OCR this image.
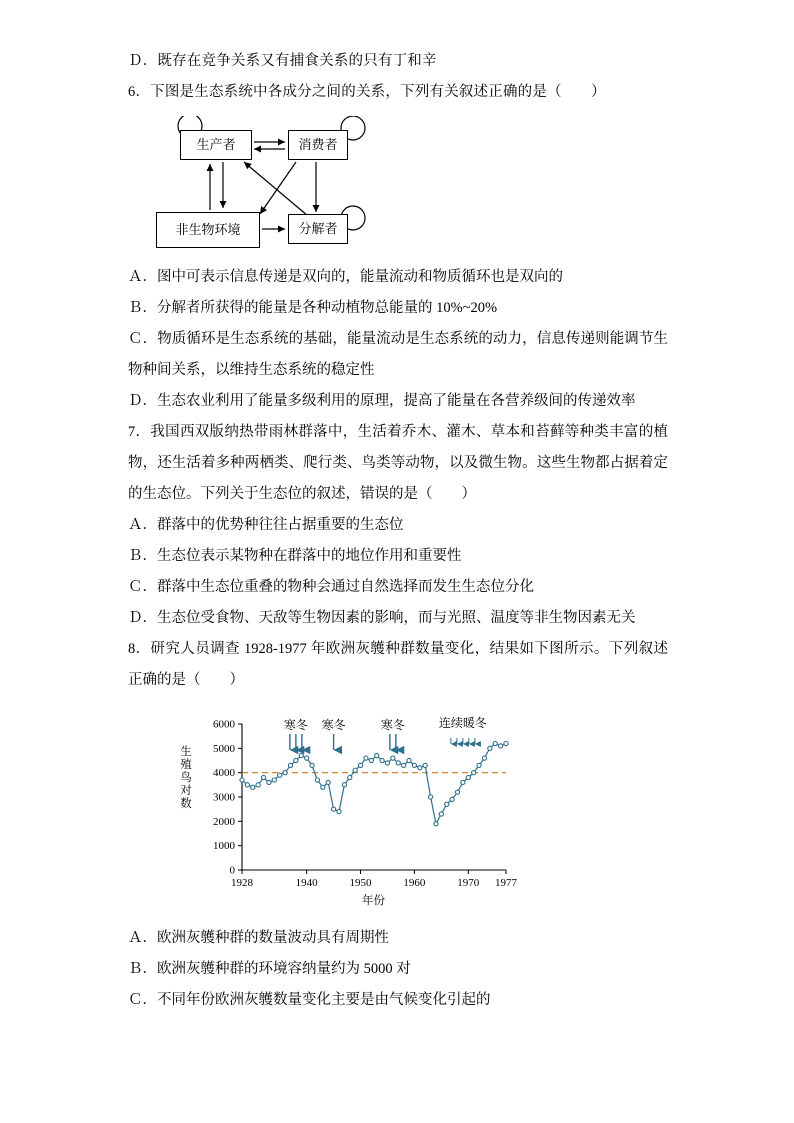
Ｄ．既存在竞争关系又有捕食关系的只有丁和辛
6．下图是生态系统中各成分之间的关系，下列有关叙述正确的是（　　）
生产者	消费者
非生物环境	分解者
Ａ．图中可表示信息传递是双向的，能量流动和物质循环也是双向的
Ｂ．分解者所获得的能量是各种动植物总能量的 10%~20%
Ｃ．物质循环是生态系统的基础，能量流动是生态系统的动力，信息传递则能调节生物种间关系，以维持生态系统的稳定性
Ｄ．生态农业利用了能量多级利用的原理，提高了能量在各营养级间的传递效率
7．我国西双版纳热带雨林群落中，生活着乔木、灌木、草本和苔藓等种类丰富的植物，还生活着多种两栖类、爬行类、鸟类等动物，以及微生物。这些生物都占据着定的生态位。下列关于生态位的叙述，错误的是（　　）
Ａ．群落中的优势种往往占据重要的生态位
Ｂ．生态位表示某物种在群落中的地位作用和重要性
Ｃ．群落中生态位重叠的物种会通过自然选择而发生生态位分化
Ｄ．生态位受食物、天敌等生物因素的影响，而与光照、温度等非生物因素无关
8．研究人员调查 1928-1977 年欧洲灰鹱种群数量变化，结果如下图所示。下列叙述正确的是（　　）
生殖鸟对数
0
1000
2000
3000
4000
5000
6000
1928	1940	1950	1960	1970 1977
寒冬 寒冬	寒冬	连续暖冬
年份
Ａ．欧洲灰鹱种群的数量波动具有周期性
Ｂ．欧洲灰鹱种群的环境容纳量约为 5000 对
Ｃ．不同年份欧洲灰鹱数量变化主要是由气候变化引起的
